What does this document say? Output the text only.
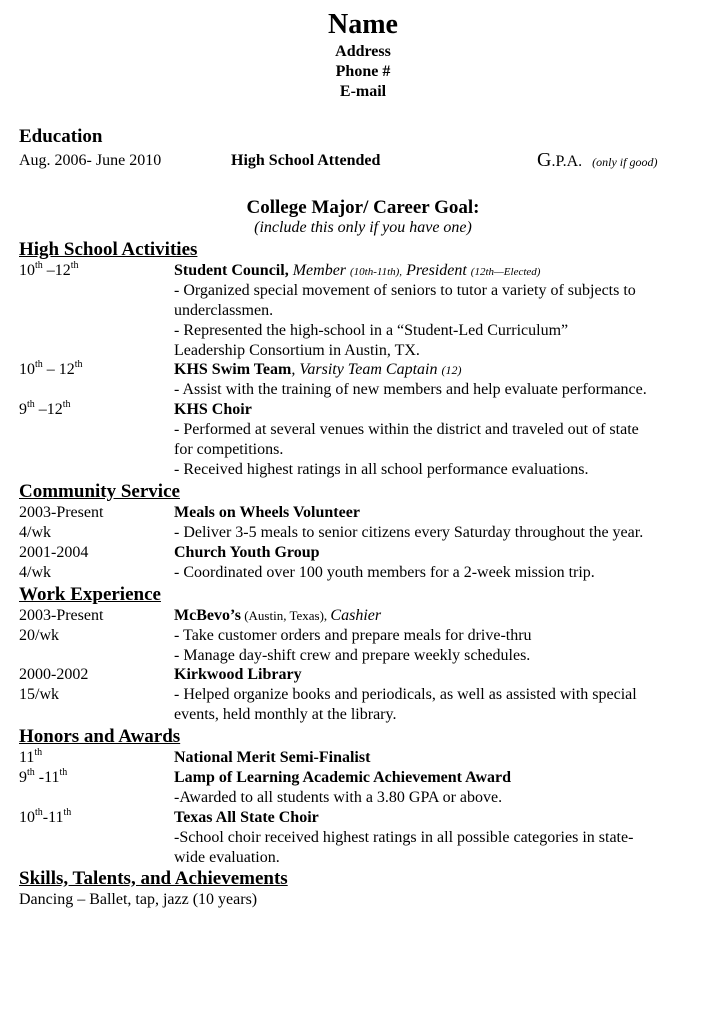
Name
Address
Phone #
E-mail
Education
Aug. 2006- June 2010	High School Attended	G.P.A. (only if good)
College Major/ Career Goal:
(include this only if you have one)
High School Activities
10th –12th	Student Council, Member (10th-11th), President (12th—Elected)
- Organized special movement of seniors to tutor a variety of subjects to
underclassmen.
- Represented the high-school in a “Student-Led Curriculum”
Leadership Consortium in Austin, TX.
10th – 12th	KHS Swim Team, Varsity Team Captain (12)
- Assist with the training of new members and help evaluate performance.
9th –12th	KHS Choir
- Performed at several venues within the district and traveled out of state
for competitions.
- Received highest ratings in all school performance evaluations.
Community Service
2003-Present	Meals on Wheels Volunteer
4/wk	- Deliver 3-5 meals to senior citizens every Saturday throughout the year.
2001-2004	Church Youth Group
4/wk	- Coordinated over 100 youth members for a 2-week mission trip.
Work Experience
2003-Present	McBevo’s (Austin, Texas), Cashier
20/wk	- Take customer orders and prepare meals for drive-thru
- Manage day-shift crew and prepare weekly schedules.
2000-2002	Kirkwood Library
15/wk	- Helped organize books and periodicals, as well as assisted with special
events, held monthly at the library.
Honors and Awards
11th	National Merit Semi-Finalist
9th -11th	Lamp of Learning Academic Achievement Award
-Awarded to all students with a 3.80 GPA or above.
10th-11th	Texas All State Choir
-School choir received highest ratings in all possible categories in state-
wide evaluation.
Skills, Talents, and Achievements
Dancing – Ballet, tap, jazz (10 years)
